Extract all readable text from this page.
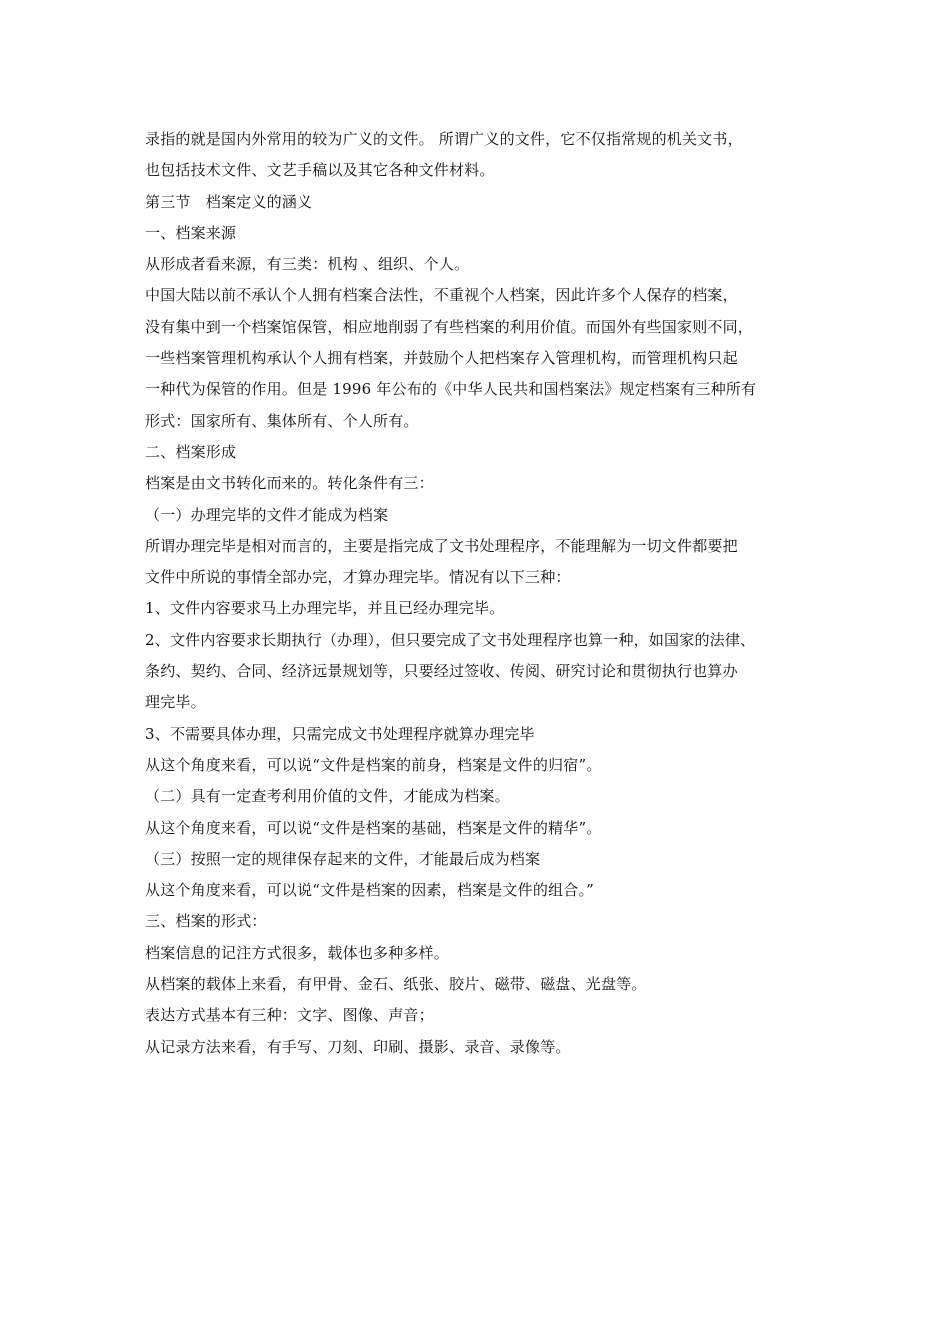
录指的就是国内外常用的较为广义的文件。 所谓广义的文件，它不仅指常规的机关文书，
也包括技术文件、文艺手稿以及其它各种文件材料。
第三节　档案定义的涵义
一、档案来源
从形成者看来源，有三类：机构 、组织、个人。
中国大陆以前不承认个人拥有档案合法性，不重视个人档案，因此许多个人保存的档案，
没有集中到一个档案馆保管，相应地削弱了有些档案的利用价值。而国外有些国家则不同，
一些档案管理机构承认个人拥有档案，并鼓励个人把档案存入管理机构，而管理机构只起
一种代为保管的作用。但是 1996 年公布的《中华人民共和国档案法》规定档案有三种所有
形式：国家所有、集体所有、个人所有。
二、档案形成
档案是由文书转化而来的。转化条件有三：
（一）办理完毕的文件才能成为档案
所谓办理完毕是相对而言的，主要是指完成了文书处理程序，不能理解为一切文件都要把
文件中所说的事情全部办完，才算办理完毕。情况有以下三种：
1、文件内容要求马上办理完毕，并且已经办理完毕。
2、文件内容要求长期执行（办理），但只要完成了文书处理程序也算一种，如国家的法律、
条约、契约、合同、经济远景规划等，只要经过签收、传阅、研究讨论和贯彻执行也算办
理完毕。
3、不需要具体办理，只需完成文书处理程序就算办理完毕
从这个角度来看，可以说“文件是档案的前身，档案是文件的归宿”。
（二）具有一定查考利用价值的文件，才能成为档案。
从这个角度来看，可以说“文件是档案的基础，档案是文件的精华”。
（三）按照一定的规律保存起来的文件，才能最后成为档案
从这个角度来看，可以说“文件是档案的因素，档案是文件的组合。”
三、档案的形式：
档案信息的记注方式很多，载体也多种多样。
从档案的载体上来看，有甲骨、金石、纸张、胶片、磁带、磁盘、光盘等。
表达方式基本有三种：文字、图像、声音；
从记录方法来看，有手写、刀刻、印刷、摄影、录音、录像等。
